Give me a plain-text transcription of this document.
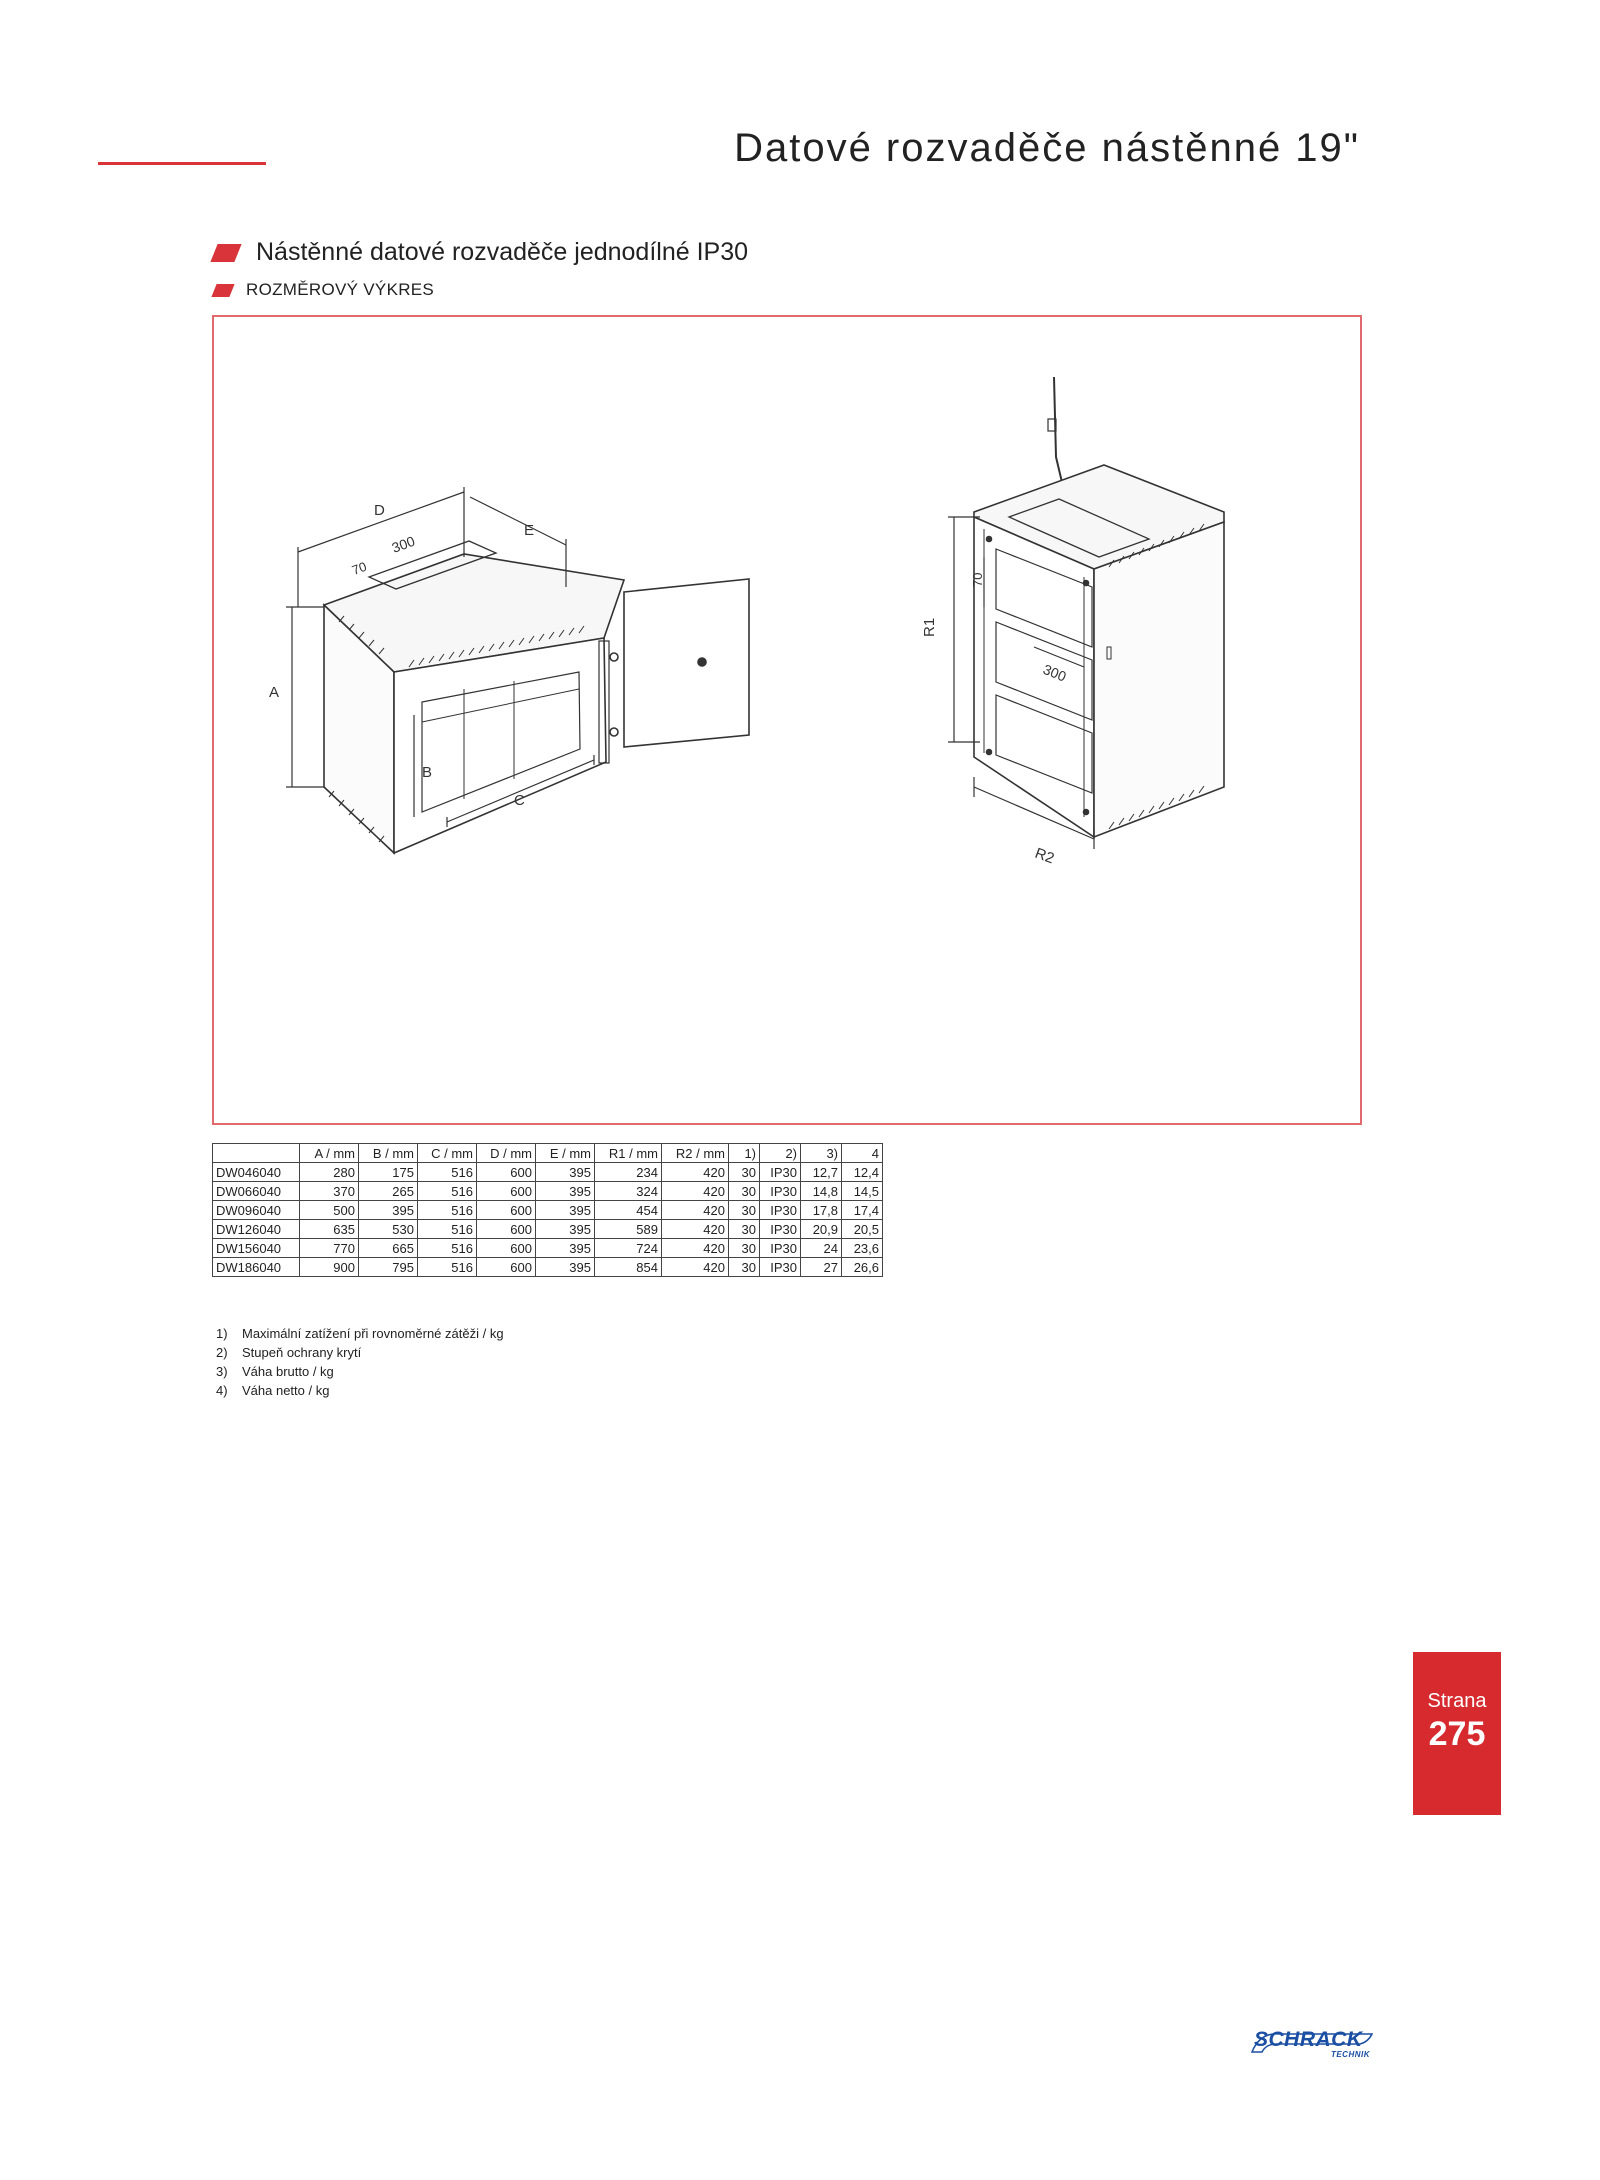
Datové rozvaděče nástěnné 19"
Nástěnné datové rozvaděče jednodílné IP30
ROZMĚROVÝ VÝKRES
A
B
C
D
E
300
70
R1
R2
300
70
	A / mm	B / mm	C / mm	D / mm	E / mm	R1 / mm	R2 / mm	1)	2)	3)	4
DW046040	280	175	516	600	395	234	420	30	IP30	12,7	12,4
DW066040	370	265	516	600	395	324	420	30	IP30	14,8	14,5
DW096040	500	395	516	600	395	454	420	30	IP30	17,8	17,4
DW126040	635	530	516	600	395	589	420	30	IP30	20,9	20,5
DW156040	770	665	516	600	395	724	420	30	IP30	24	23,6
DW186040	900	795	516	600	395	854	420	30	IP30	27	26,6
1)	Maximální zatížení při rovnoměrné zátěži / kg
2)	Stupeň ochrany krytí
3)	Váha brutto / kg
4)	Váha netto / kg
Strana
275
SCHRACK
TECHNIK
